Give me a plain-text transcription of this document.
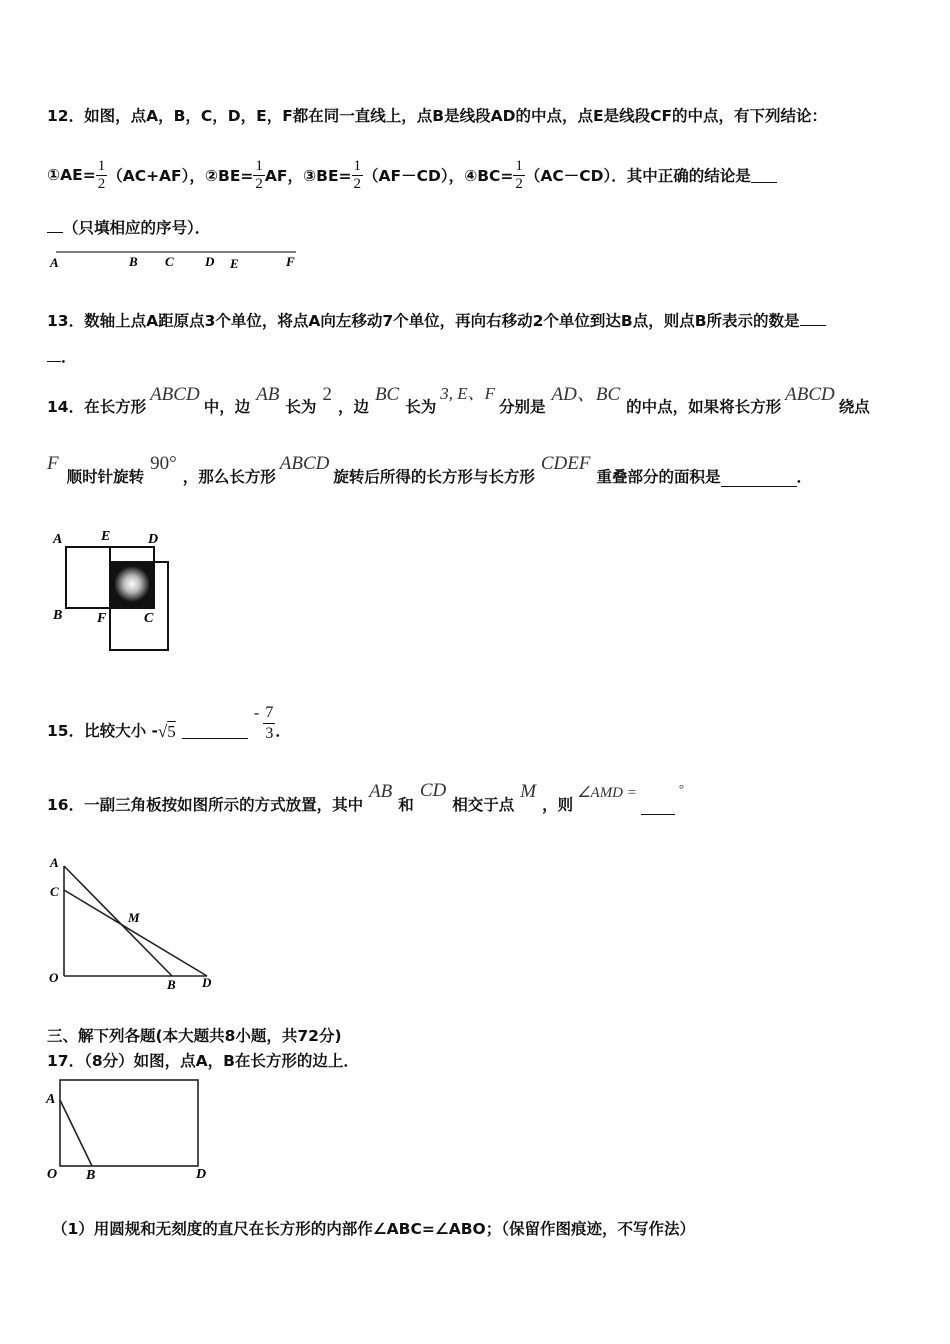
12．如图，点A，B，C，D，E，F都在同一直线上，点B是线段AD的中点，点E是线段CF的中点，有下列结论：
①AE= $\frac{1}{2} (AC+AF)$，②BE= $\frac{1}{2}$ AF，③BE= $\frac{1}{2} (AF-CD)$，④BC= $\frac{1}{2} (AC-CD)$．其中正确的结论是
（只填相应的序号）．
A	B C D E	F
13．数轴上点A距原点3个单位，将点A向左移动7个单位，再向右移动2个单位到达B点，则点B所表示的数是
．
14．在长方形
ABCD
中，边
AB
长为
2
，边
BC
长为
3, E、F
分别是
AD、BC
的中点，如果将长方形
ABCD
绕点
F
顺时针旋转
90°
，那么长方形
ABCD
旋转后所得的长方形与长方形
CDEF
重叠部分的面积是	．
A	E	D
B F	C
15．比较大小 - √5
- $\frac{7}{3}$ ．
16．一副三角板按如图所示的方式放置，其中
AB
和
CD
相交于点
M
，则
∠AMD =	°
A
C
M
O	B D
三、解下列各题(本大题共8小题，共72分)
17．（8分）如图，点A，B在长方形的边上．
A
O B	D
（1）用圆规和无刻度的直尺在长方形的内部作∠ABC=∠ABO；（保留作图痕迹，不写作法）
